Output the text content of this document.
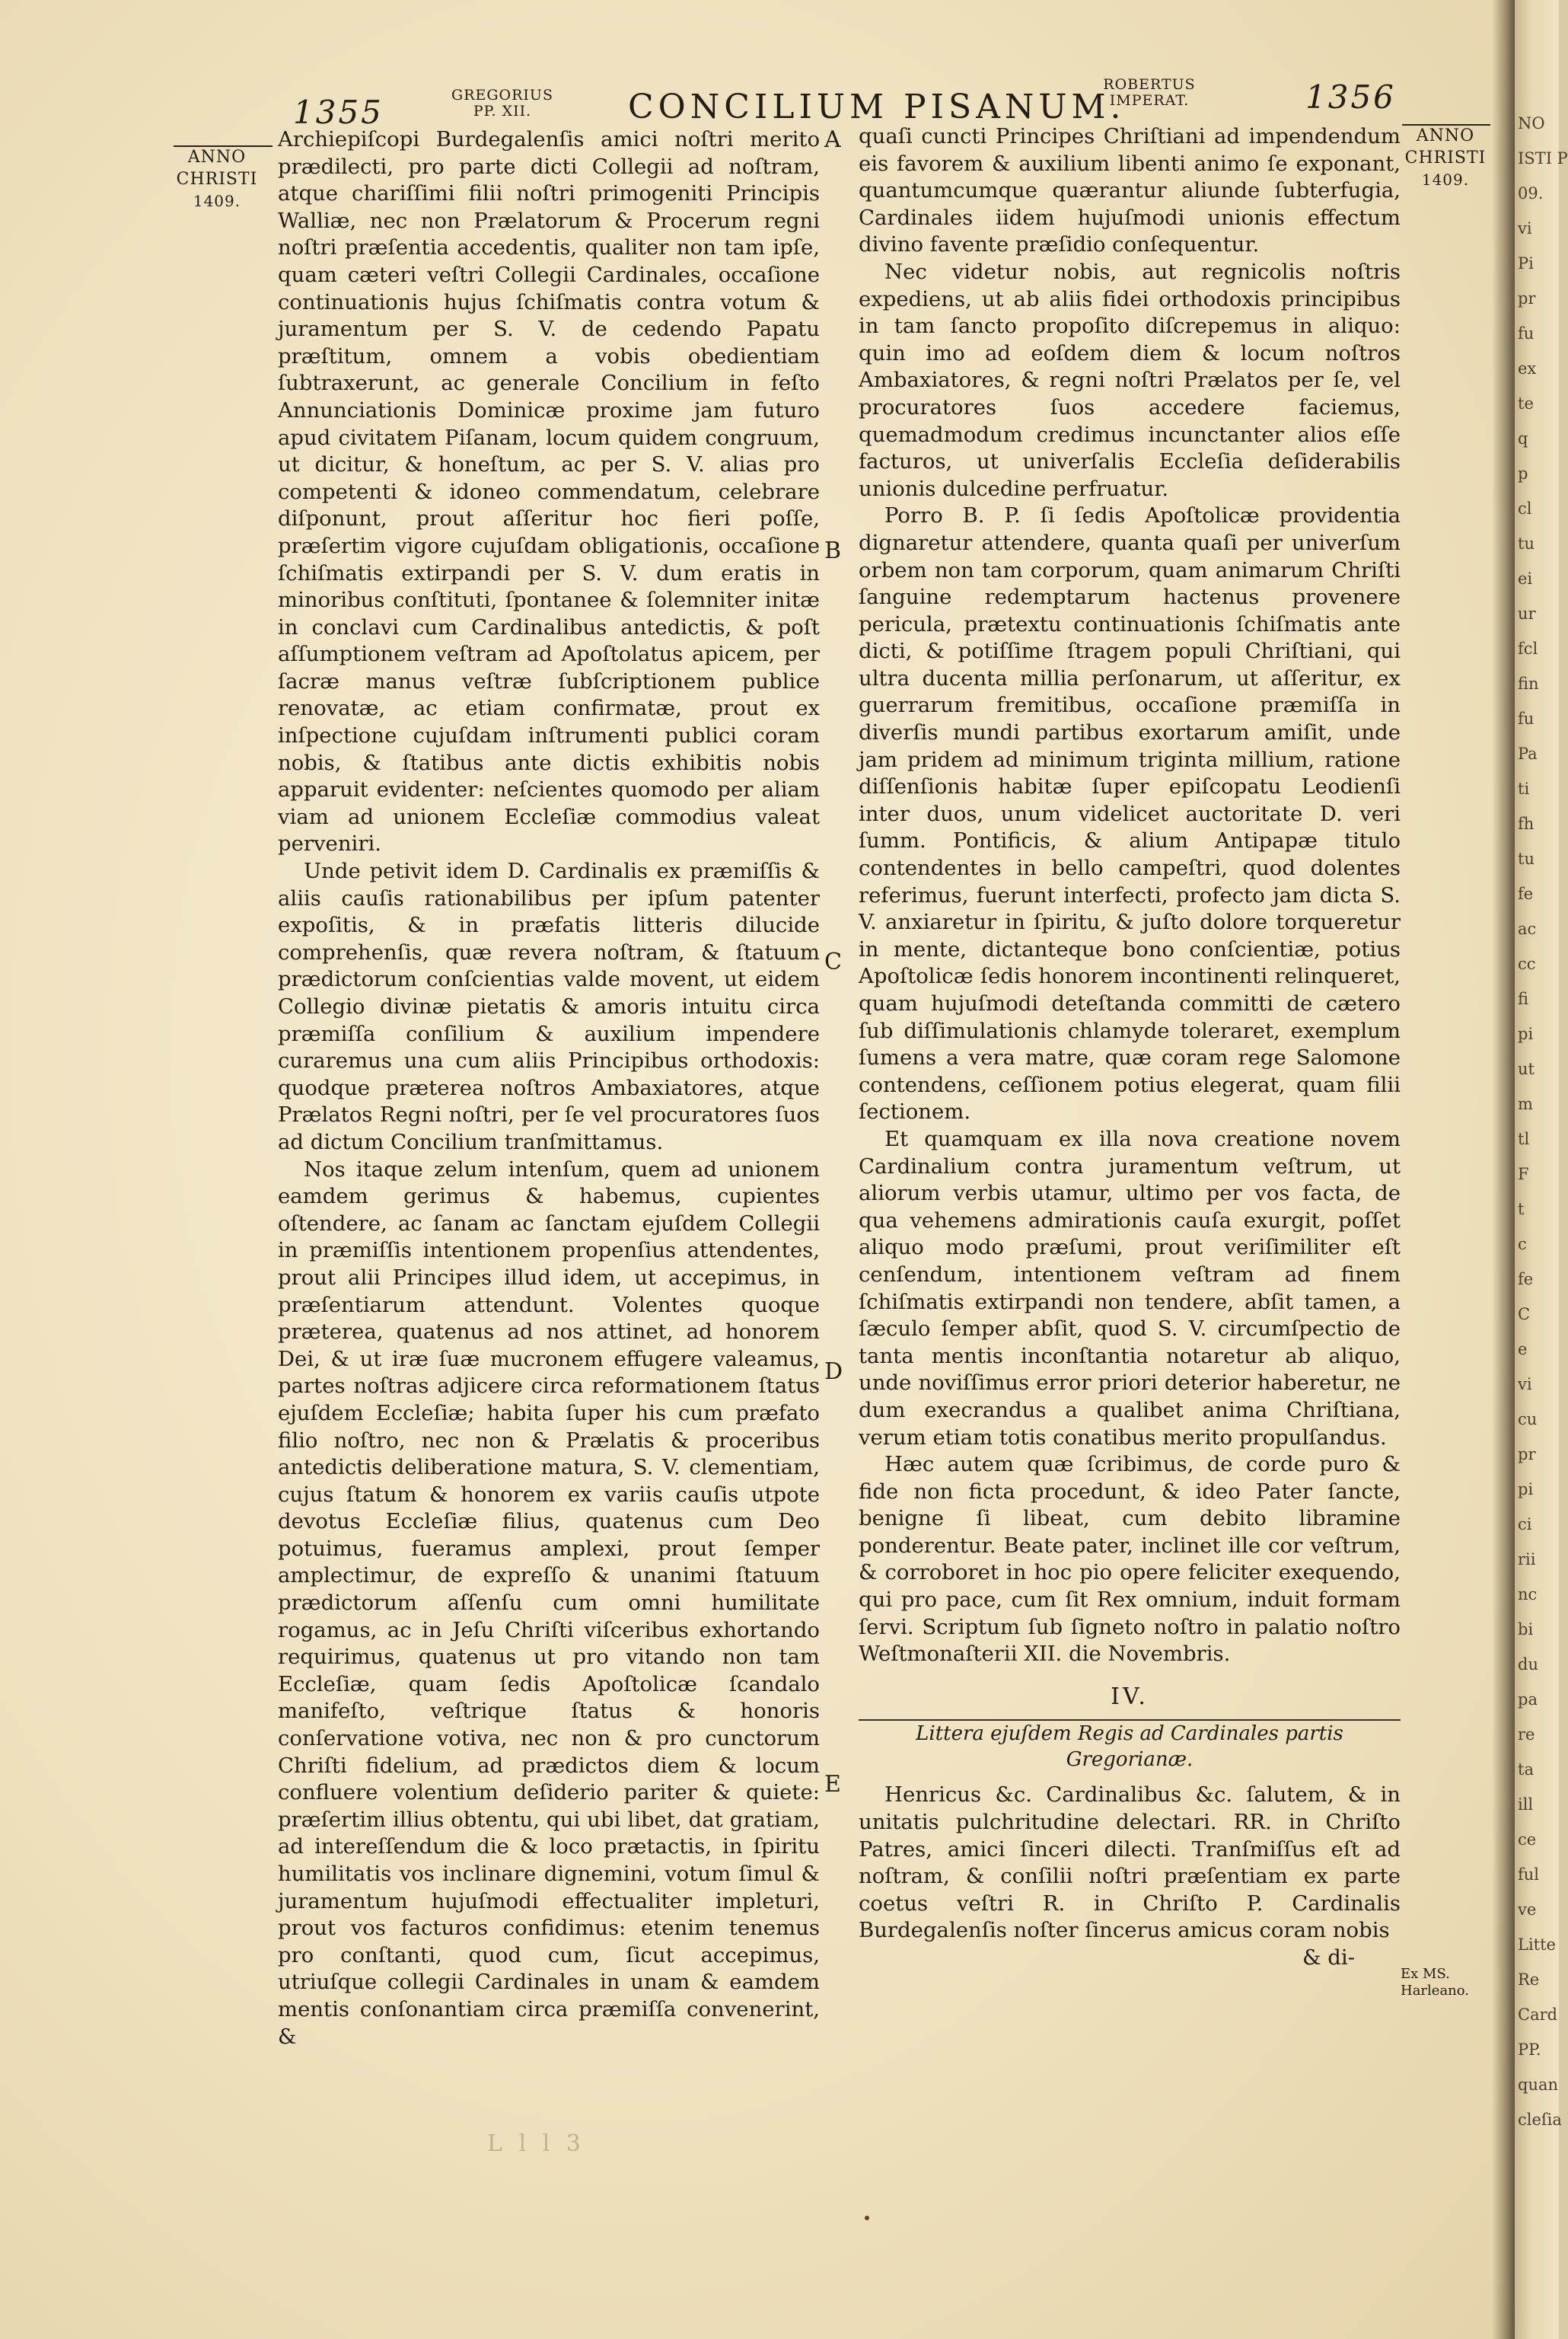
1355	GREGORIUS
PP. XII.	CONCILIUM PISANUM.
ROBERTUS
IMPERAT.	1356
ANNO
CHRISTI
1409.
ANNO
CHRISTI
1409.
A
B
C
D
E

Archiepiſcopi Burdegalenſis amici noſtri merito prædilecti, pro parte dicti Collegii ad noſtram, atque chariſſimi filii noſtri primogeniti Principis Walliæ, nec non Prælatorum & Procerum regni noſtri præſentia accedentis, qualiter non tam ipſe, quam cæteri veſtri Collegii Cardinales, occaſione continuationis hujus ſchiſmatis contra votum & juramentum per S. V. de cedendo Papatu præſtitum, omnem a vobis obedientiam ſubtraxerunt, ac generale Concilium in feſto Annunciationis Dominicæ proxime jam futuro apud civitatem Piſanam, locum quidem congruum, ut dicitur, & honeſtum, ac per S. V. alias pro competenti & idoneo commendatum, celebrare diſponunt, prout aſſeritur hoc fieri poſſe, præſertim vigore cujuſdam obligationis, occaſione ſchiſmatis extirpandi per S. V. dum eratis in minoribus conſtituti, ſpontanee & ſolemniter initæ in conclavi cum Cardinalibus antedictis, & poſt aſſumptionem veſtram ad Apoſtolatus apicem, per ſacræ manus veſtræ ſubſcriptionem publice renovatæ, ac etiam confirmatæ, prout ex inſpectione cujuſdam inſtrumenti publici coram nobis, & ſtatibus ante dictis exhibitis nobis apparuit evidenter: neſcientes quomodo per aliam viam ad unionem Eccleſiæ commodius valeat perveniri.

Unde petivit idem D. Cardinalis ex præmiſſis & aliis cauſis rationabilibus per ipſum patenter expoſitis, & in præfatis litteris dilucide comprehenſis, quæ revera noſtram, & ſtatuum prædictorum conſcientias valde movent, ut eidem Collegio divinæ pietatis & amoris intuitu circa præmiſſa conſilium & auxilium impendere curaremus una cum aliis Principibus orthodoxis: quodque præterea noſtros Ambaxiatores, atque Prælatos Regni noſtri, per ſe vel procuratores ſuos ad dictum Concilium tranſmittamus.

Nos itaque zelum intenſum, quem ad unionem eamdem gerimus & habemus, cupientes oſtendere, ac ſanam ac ſanctam ejuſdem Collegii in præmiſſis intentionem propenſius attendentes, prout alii Principes illud idem, ut accepimus, in præſentiarum attendunt. Volentes quoque præterea, quatenus ad nos attinet, ad honorem Dei, & ut iræ ſuæ mucronem effugere valeamus, partes noſtras adjicere circa reformationem ſtatus ejuſdem Eccleſiæ; habita ſuper his cum præfato filio noſtro, nec non & Prælatis & proceribus antedictis deliberatione matura, S. V. clementiam, cujus ſtatum & honorem ex variis cauſis utpote devotus Eccleſiæ filius, quatenus cum Deo potuimus, fueramus amplexi, prout ſemper amplectimur, de expreſſo & unanimi ſtatuum prædictorum aſſenſu cum omni humilitate rogamus, ac in Jeſu Chriſti viſceribus exhortando requirimus, quatenus ut pro vitando non tam Eccleſiæ, quam ſedis Apoſtolicæ ſcandalo manifeſto, veſtrique ſtatus & honoris conſervatione votiva, nec non & pro cunctorum Chriſti fidelium, ad prædictos diem & locum confluere volentium deſiderio pariter & quiete: præſertim illius obtentu, qui ubi libet, dat gratiam, ad intereſſendum die & loco prætactis, in ſpiritu humilitatis vos inclinare dignemini, votum ſimul & juramentum hujuſmodi effectualiter impleturi, prout vos facturos confidimus: etenim tenemus pro conſtanti, quod cum, ſicut accepimus, utriuſque collegii Cardinales in unam & eamdem mentis conſonantiam circa præmiſſa convenerint, &

quaſi cuncti Principes Chriſtiani ad impendendum eis favorem & auxilium libenti animo ſe exponant, quantumcumque quærantur aliunde ſubterfugia, Cardinales iidem hujuſmodi unionis effectum divino favente præſidio conſequentur.

Nec videtur nobis, aut regnicolis noſtris expediens, ut ab aliis fidei orthodoxis principibus in tam ſancto propoſito diſcrepemus in aliquo: quin imo ad eoſdem diem & locum noſtros Ambaxiatores, & regni noſtri Prælatos per ſe, vel procuratores ſuos accedere faciemus, quemadmodum credimus incunctanter alios eſſe facturos, ut univerſalis Eccleſia deſiderabilis unionis dulcedine perfruatur.

Porro B. P. ſi ſedis Apoſtolicæ providentia dignaretur attendere, quanta quaſi per univerſum orbem non tam corporum, quam animarum Chriſti ſanguine redemptarum hactenus provenere pericula, prætextu continuationis ſchiſmatis ante dicti, & potiſſime ſtragem populi Chriſtiani, qui ultra ducenta millia perſonarum, ut aſſeritur, ex guerrarum fremitibus, occaſione præmiſſa in diverſis mundi partibus exortarum amiſit, unde jam pridem ad minimum triginta millium, ratione diſſenſionis habitæ ſuper epiſcopatu Leodienſi inter duos, unum videlicet auctoritate D. veri ſumm. Pontificis, & alium Antipapæ titulo contendentes in bello campeſtri, quod dolentes referimus, fuerunt interfecti, profecto jam dicta S. V. anxiaretur in ſpiritu, & juſto dolore torqueretur in mente, dictanteque bono conſcientiæ, potius Apoſtolicæ ſedis honorem incontinenti relinqueret, quam hujuſmodi deteſtanda committi de cætero ſub diſſimulationis chlamyde toleraret, exemplum ſumens a vera matre, quæ coram rege Salomone contendens, ceſſionem potius elegerat, quam filii ſectionem.

Et quamquam ex illa nova creatione novem Cardinalium contra juramentum veſtrum, ut aliorum verbis utamur, ultimo per vos facta, de qua vehemens admirationis cauſa exurgit, poſſet aliquo modo præſumi, prout veriſimiliter eſt cenſendum, intentionem veſtram ad finem ſchiſmatis extirpandi non tendere, abſit tamen, a ſæculo ſemper abſit, quod S. V. circumſpectio de tanta mentis inconſtantia notaretur ab aliquo, unde noviſſimus error priori deterior haberetur, ne dum execrandus a qualibet anima Chriſtiana, verum etiam totis conatibus merito propulſandus.

Hæc autem quæ ſcribimus, de corde puro & fide non ficta procedunt, & ideo Pater ſancte, benigne ſi libeat, cum debito libramine ponderentur. Beate pater, inclinet ille cor veſtrum, & corroboret in hoc pio opere feliciter exequendo, qui pro pace, cum ſit Rex omnium, induit formam ſervi. Scriptum ſub ſigneto noſtro in palatio noſtro Weſtmonaſterii XII. die Novembris.

IV.
Littera ejuſdem Regis ad Cardinales partis Gregorianæ.

Henricus &c. Cardinalibus &c. ſalutem, & in unitatis pulchritudine delectari. RR. in Chriſto Patres, amici ſinceri dilecti. Tranſmiſſus eſt ad noſtram, & conſilii noſtri præſentiam ex parte coetus veſtri R. in Chriſto P. Cardinalis Burdegalenſis noſter ſincerus amicus coram nobis

& di-

Ex MS. Harleano.
L l l 3
NO
ISTI P
09.
vi
Pi
pr
fu
ex
te
q
p
cl
tu
ei
ur
fcl
fin
fu
Pa
ti
fh
tu
fe
ac
cc
fi
pi
ut
m
tl
F
t
c
fe
C
e
vi
cu
pr
pi
ci
rii
nc
bi
du
pa
re
ta
ill
ce
ful
ve
Litte
Re
Card
PP.
quan
cleſia
